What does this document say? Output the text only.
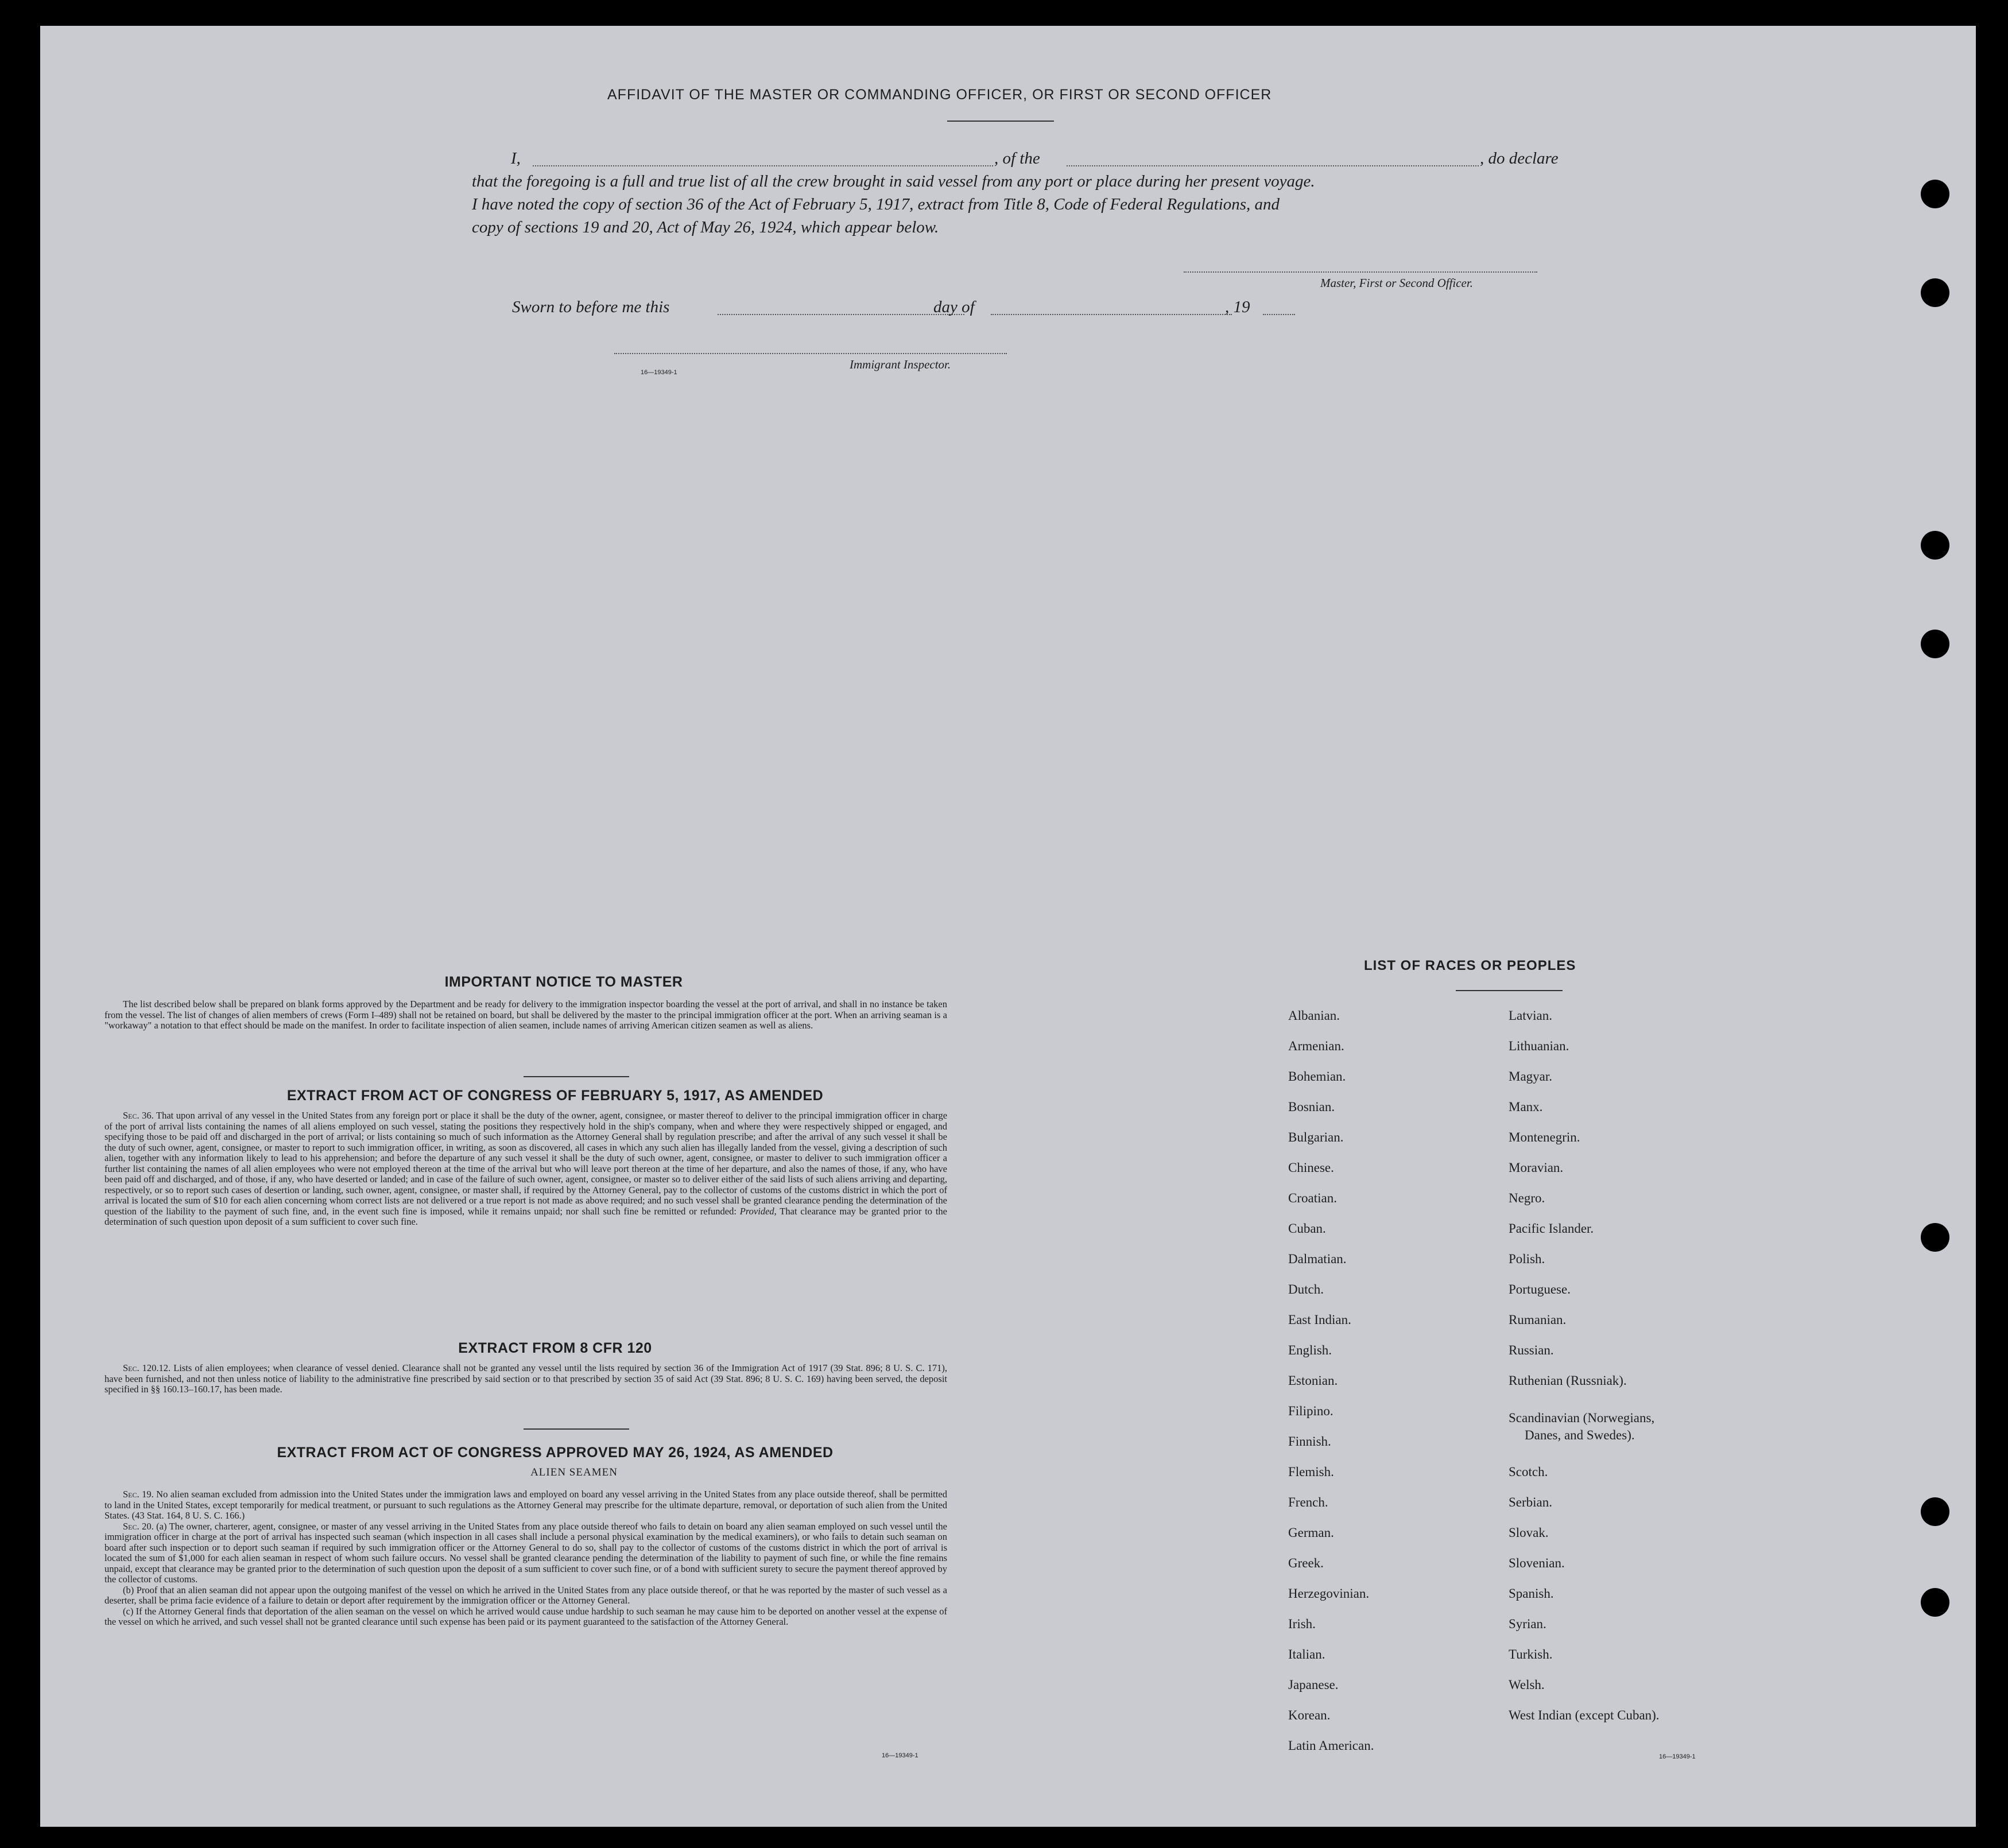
AFFIDAVIT OF THE MASTER OR COMMANDING OFFICER, OR FIRST OR SECOND OFFICER
I,	, of the	, do declare
that the foregoing is a full and true list of all the crew brought in said vessel from any port or place during her present voyage.
I have noted the copy of section 36 of the Act of February 5, 1917, extract from Title 8, Code of Federal Regulations, and
copy of sections 19 and 20, Act of May 26, 1924, which appear below.
Master, First or Second Officer.
Sworn to before me this	day of	, 19
Immigrant Inspector.
16—19349-1
IMPORTANT NOTICE TO MASTER
The list described below shall be prepared on blank forms approved by the Department and be ready for delivery to the immigration inspector boarding the vessel at the port of arrival, and shall in no instance be taken from the vessel. The list of changes of alien members of crews (Form I–489) shall not be retained on board, but shall be delivered by the master to the principal immigration officer at the port. When an arriving seaman is a "workaway" a notation to that effect should be made on the manifest. In order to facilitate inspection of alien seamen, include names of arriving American citizen seamen as well as aliens.
EXTRACT FROM ACT OF CONGRESS OF FEBRUARY 5, 1917, AS AMENDED
Sec. 36. That upon arrival of any vessel in the United States from any foreign port or place it shall be the duty of the owner, agent, consignee, or master thereof to deliver to the principal immigration officer in charge of the port of arrival lists containing the names of all aliens employed on such vessel, stating the positions they respectively hold in the ship's company, when and where they were respectively shipped or engaged, and specifying those to be paid off and discharged in the port of arrival; or lists containing so much of such information as the Attorney General shall by regulation prescribe; and after the arrival of any such vessel it shall be the duty of such owner, agent, consignee, or master to report to such immigration officer, in writing, as soon as discovered, all cases in which any such alien has illegally landed from the vessel, giving a description of such alien, together with any information likely to lead to his apprehension; and before the departure of any such vessel it shall be the duty of such owner, agent, consignee, or master to deliver to such immigration officer a further list containing the names of all alien employees who were not employed thereon at the time of the arrival but who will leave port thereon at the time of her departure, and also the names of those, if any, who have been paid off and discharged, and of those, if any, who have deserted or landed; and in case of the failure of such owner, agent, consignee, or master so to deliver either of the said lists of such aliens arriving and departing, respectively, or so to report such cases of desertion or landing, such owner, agent, consignee, or master shall, if required by the Attorney General, pay to the collector of customs of the customs district in which the port of arrival is located the sum of $10 for each alien concerning whom correct lists are not delivered or a true report is not made as above required; and no such vessel shall be granted clearance pending the determination of the question of the liability to the payment of such fine, and, in the event such fine is imposed, while it remains unpaid; nor shall such fine be remitted or refunded: Provided, That clearance may be granted prior to the determination of such question upon deposit of a sum sufficient to cover such fine.
EXTRACT FROM 8 CFR 120
Sec. 120.12. Lists of alien employees; when clearance of vessel denied. Clearance shall not be granted any vessel until the lists required by section 36 of the Immigration Act of 1917 (39 Stat. 896; 8 U. S. C. 171), have been furnished, and not then unless notice of liability to the administrative fine prescribed by said section or to that prescribed by section 35 of said Act (39 Stat. 896; 8 U. S. C. 169) having been served, the deposit specified in §§ 160.13–160.17, has been made.
EXTRACT FROM ACT OF CONGRESS APPROVED MAY 26, 1924, AS AMENDED
ALIEN SEAMEN
Sec. 19. No alien seaman excluded from admission into the United States under the immigration laws and employed on board any vessel arriving in the United States from any place outside thereof, shall be permitted to land in the United States, except temporarily for medical treatment, or pursuant to such regulations as the Attorney General may prescribe for the ultimate departure, removal, or deportation of such alien from the United States. (43 Stat. 164, 8 U. S. C. 166.)
Sec. 20. (a) The owner, charterer, agent, consignee, or master of any vessel arriving in the United States from any place outside thereof who fails to detain on board any alien seaman employed on such vessel until the immigration officer in charge at the port of arrival has inspected such seaman (which inspection in all cases shall include a personal physical examination by the medical examiners), or who fails to detain such seaman on board after such inspection or to deport such seaman if required by such immigration officer or the Attorney General to do so, shall pay to the collector of customs of the customs district in which the port of arrival is located the sum of $1,000 for each alien seaman in respect of whom such failure occurs. No vessel shall be granted clearance pending the determination of the liability to payment of such fine, or while the fine remains unpaid, except that clearance may be granted prior to the determination of such question upon the deposit of a sum sufficient to cover such fine, or of a bond with sufficient surety to secure the payment thereof approved by the collector of customs.
(b) Proof that an alien seaman did not appear upon the outgoing manifest of the vessel on which he arrived in the United States from any place outside thereof, or that he was reported by the master of such vessel as a deserter, shall be prima facie evidence of a failure to detain or deport after requirement by the immigration officer or the Attorney General.
(c) If the Attorney General finds that deportation of the alien seaman on the vessel on which he arrived would cause undue hardship to such seaman he may cause him to be deported on another vessel at the expense of the vessel on which he arrived, and such vessel shall not be granted clearance until such expense has been paid or its payment guaranteed to the satisfaction of the Attorney General.
16—19349-1
LIST OF RACES OR PEOPLES
Albanian.
Armenian.
Bohemian.
Bosnian.
Bulgarian.
Chinese.
Croatian.
Cuban.
Dalmatian.
Dutch.
East Indian.
English.
Estonian.
Filipino.
Finnish.
Flemish.
French.
German.
Greek.
Herzegovinian.
Irish.
Italian.
Japanese.
Korean.
Latin American.
Latvian.
Lithuanian.
Magyar.
Manx.
Montenegrin.
Moravian.
Negro.
Pacific Islander.
Polish.
Portuguese.
Rumanian.
Russian.
Ruthenian (Russniak).
Scandinavian (Norwegians,
Danes, and Swedes).
Scotch.
Serbian.
Slovak.
Slovenian.
Spanish.
Syrian.
Turkish.
Welsh.
West Indian (except Cuban).
16—19349-1
